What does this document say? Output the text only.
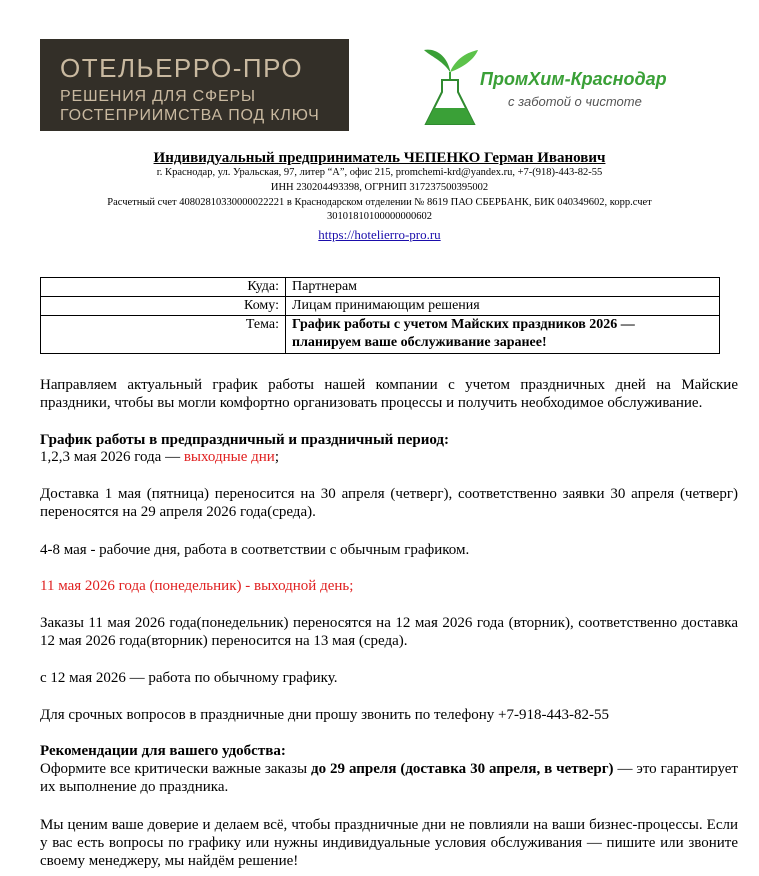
ОТЕЛЬЕРРО-ПРО
РЕШЕНИЯ ДЛЯ СФЕРЫ
ГОСТЕПРИИМСТВА ПОД КЛЮЧ
ПромХим-Краснодар
с заботой о чистоте
Индивидуальный предприниматель ЧЕПЕНКО Герман Иванович
г. Краснодар, ул. Уральская, 97, литер “А”, офис 215, promchemi-krd@yandex.ru, +7-(918)-443-82-55
ИНН 230204493398, ОГРНИП 317237500395002
Расчетный счет 40802810330000022221 в Краснодарском отделении № 8619 ПАО СБЕРБАНК, БИК 040349602, корр.счет
30101810100000000602
https://hotelierro-pro.ru
Куда:	Партнерам
Кому:	Лицам принимающим решения
Тема:	График работы с учетом Майских праздников 2026 —
планируем ваше обслуживание заранее!
Направляем актуальный график работы нашей компании с учетом праздничных дней на Майские праздники, чтобы вы могли комфортно организовать процессы и получить необходимое обслуживание.
График работы в предпраздничный и праздничный период:
1,2,3 мая 2026 года — выходные дни;
Доставка 1 мая (пятница) переносится на 30 апреля (четверг), соответственно заявки 30 апреля (четверг) переносятся на 29 апреля 2026 года(среда).
4-8 мая - рабочие дня, работа в соответствии с обычным графиком.
11 мая 2026 года (понедельник) - выходной день;
Заказы 11 мая 2026 года(понедельник) переносятся на 12 мая 2026 года (вторник), соответственно доставка 12 мая 2026 года(вторник) переносится на 13 мая (среда).
с 12 мая 2026 — работа по обычному графику.
Для срочных вопросов в праздничные дни прошу звонить по телефону +7-918-443-82-55
Рекомендации для вашего удобства:
Оформите все критически важные заказы до 29 апреля (доставка 30 апреля, в четверг) — это гарантирует их выполнение до праздника.
Мы ценим ваше доверие и делаем всё, чтобы праздничные дни не повлияли на ваши бизнес-процессы. Если у вас есть вопросы по графику или нужны индивидуальные условия обслуживания — пишите или звоните своему менеджеру, мы найдём решение!
